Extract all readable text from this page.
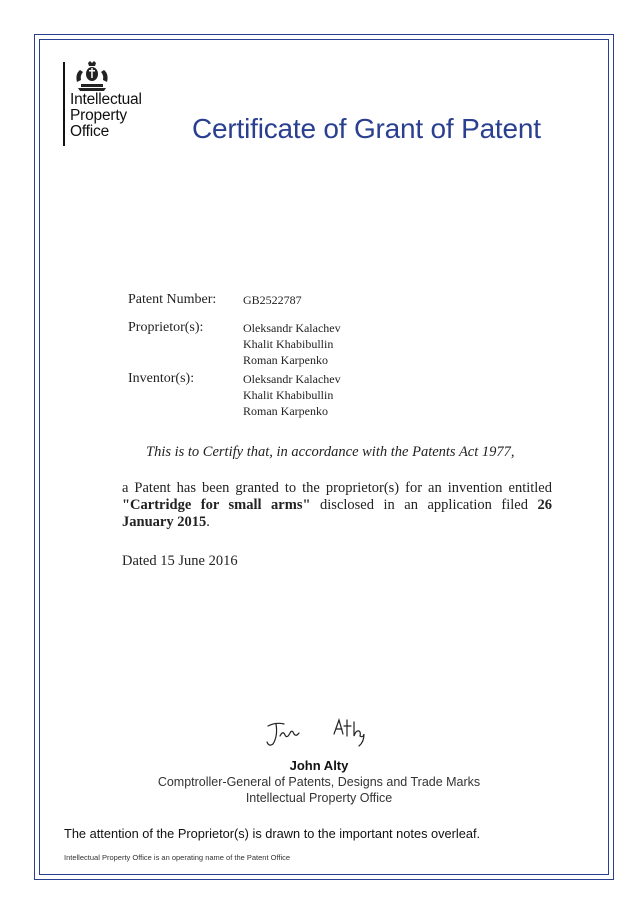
Intellectual
Property
Office	Certificate of Grant of Patent
Patent Number: GB2522787
Proprietor(s):	Oleksandr Kalachev
Khalit Khabibullin
Roman Karpenko
Inventor(s):	Oleksandr Kalachev
Khalit Khabibullin
Roman Karpenko
This is to Certify that, in accordance with the Patents Act 1977,
a Patent has been granted to the proprietor(s) for an invention entitled "Cartridge for small arms" disclosed in an application filed 26 January 2015.
Dated 15 June 2016
John Alty
Comptroller-General of Patents, Designs and Trade Marks
Intellectual Property Office
The attention of the Proprietor(s) is drawn to the important notes overleaf.
Intellectual Property Office is an operating name of the Patent Office
